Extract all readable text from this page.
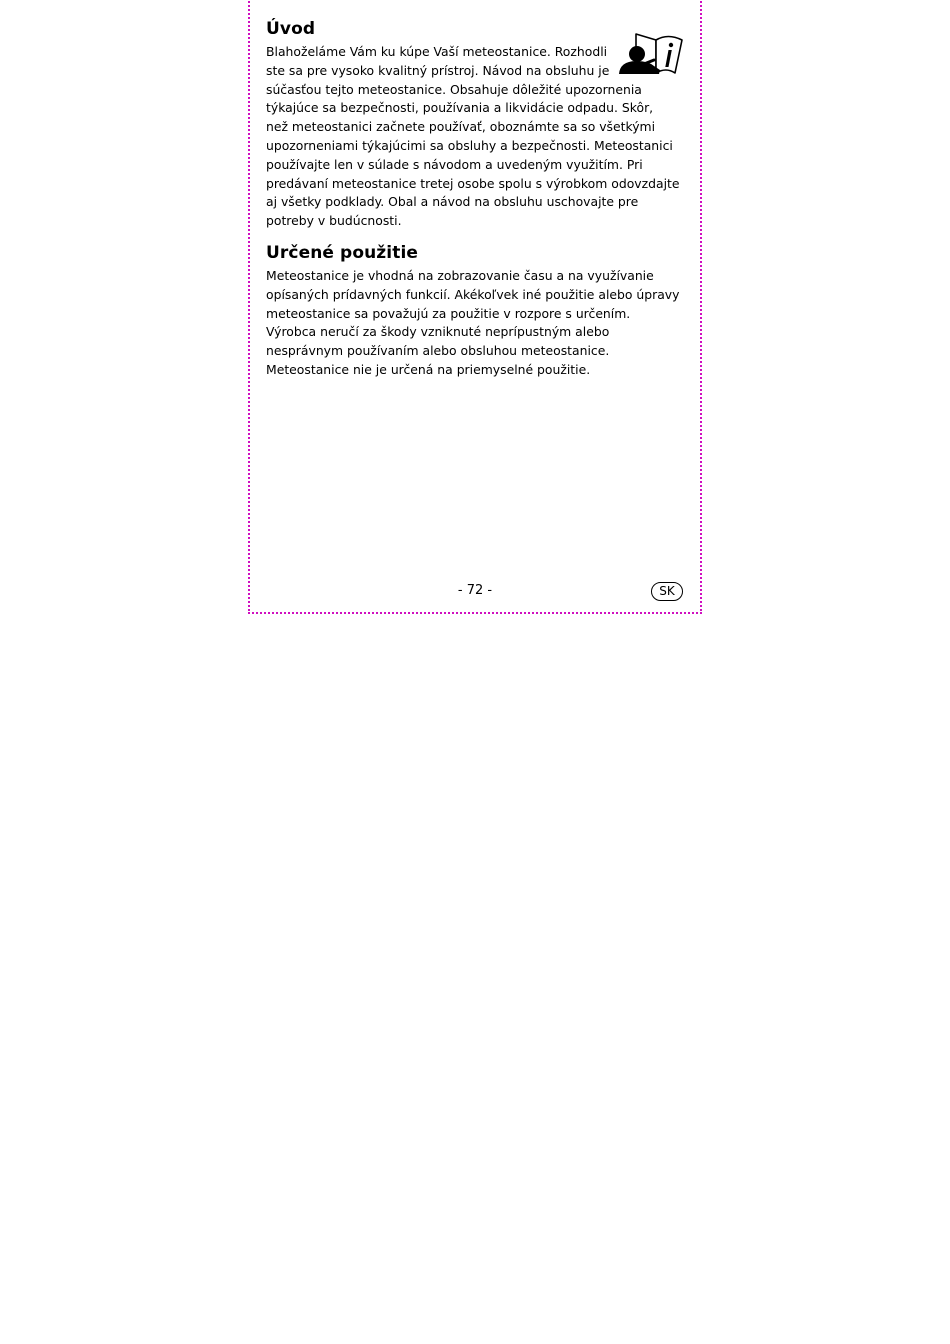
Úvod
Blahoželáme Vám ku kúpe Vaší meteostanice. Rozhodli
ste sa pre vysoko kvalitný prístroj. Návod na obsluhu je
súčasťou tejto meteostanice. Obsahuje dôležité upozornenia
týkajúce sa bezpečnosti, používania a likvidácie odpadu. Skôr,
než meteostanici začnete používať, oboznámte sa so všetkými
upozorneniami týkajúcimi sa obsluhy a bezpečnosti. Meteostanici
používajte len v súlade s návodom a uvedeným využitím. Pri
predávaní meteostanice tretej osobe spolu s výrobkom odovzdajte
aj všetky podklady. Obal a návod na obsluhu uschovajte pre
potreby v budúcnosti.
Určené použitie
Meteostanice je vhodná na zobrazovanie času a na využívanie
opísaných prídavných funkcií. Akékoľvek iné použitie alebo úpravy
meteostanice sa považujú za použitie v rozpore s určením.
Výrobca neručí za škody vzniknuté neprípustným alebo
nesprávnym používaním alebo obsluhou meteostanice.
Meteostanice nie je určená na priemyselné použitie.
- 72 -	SK
